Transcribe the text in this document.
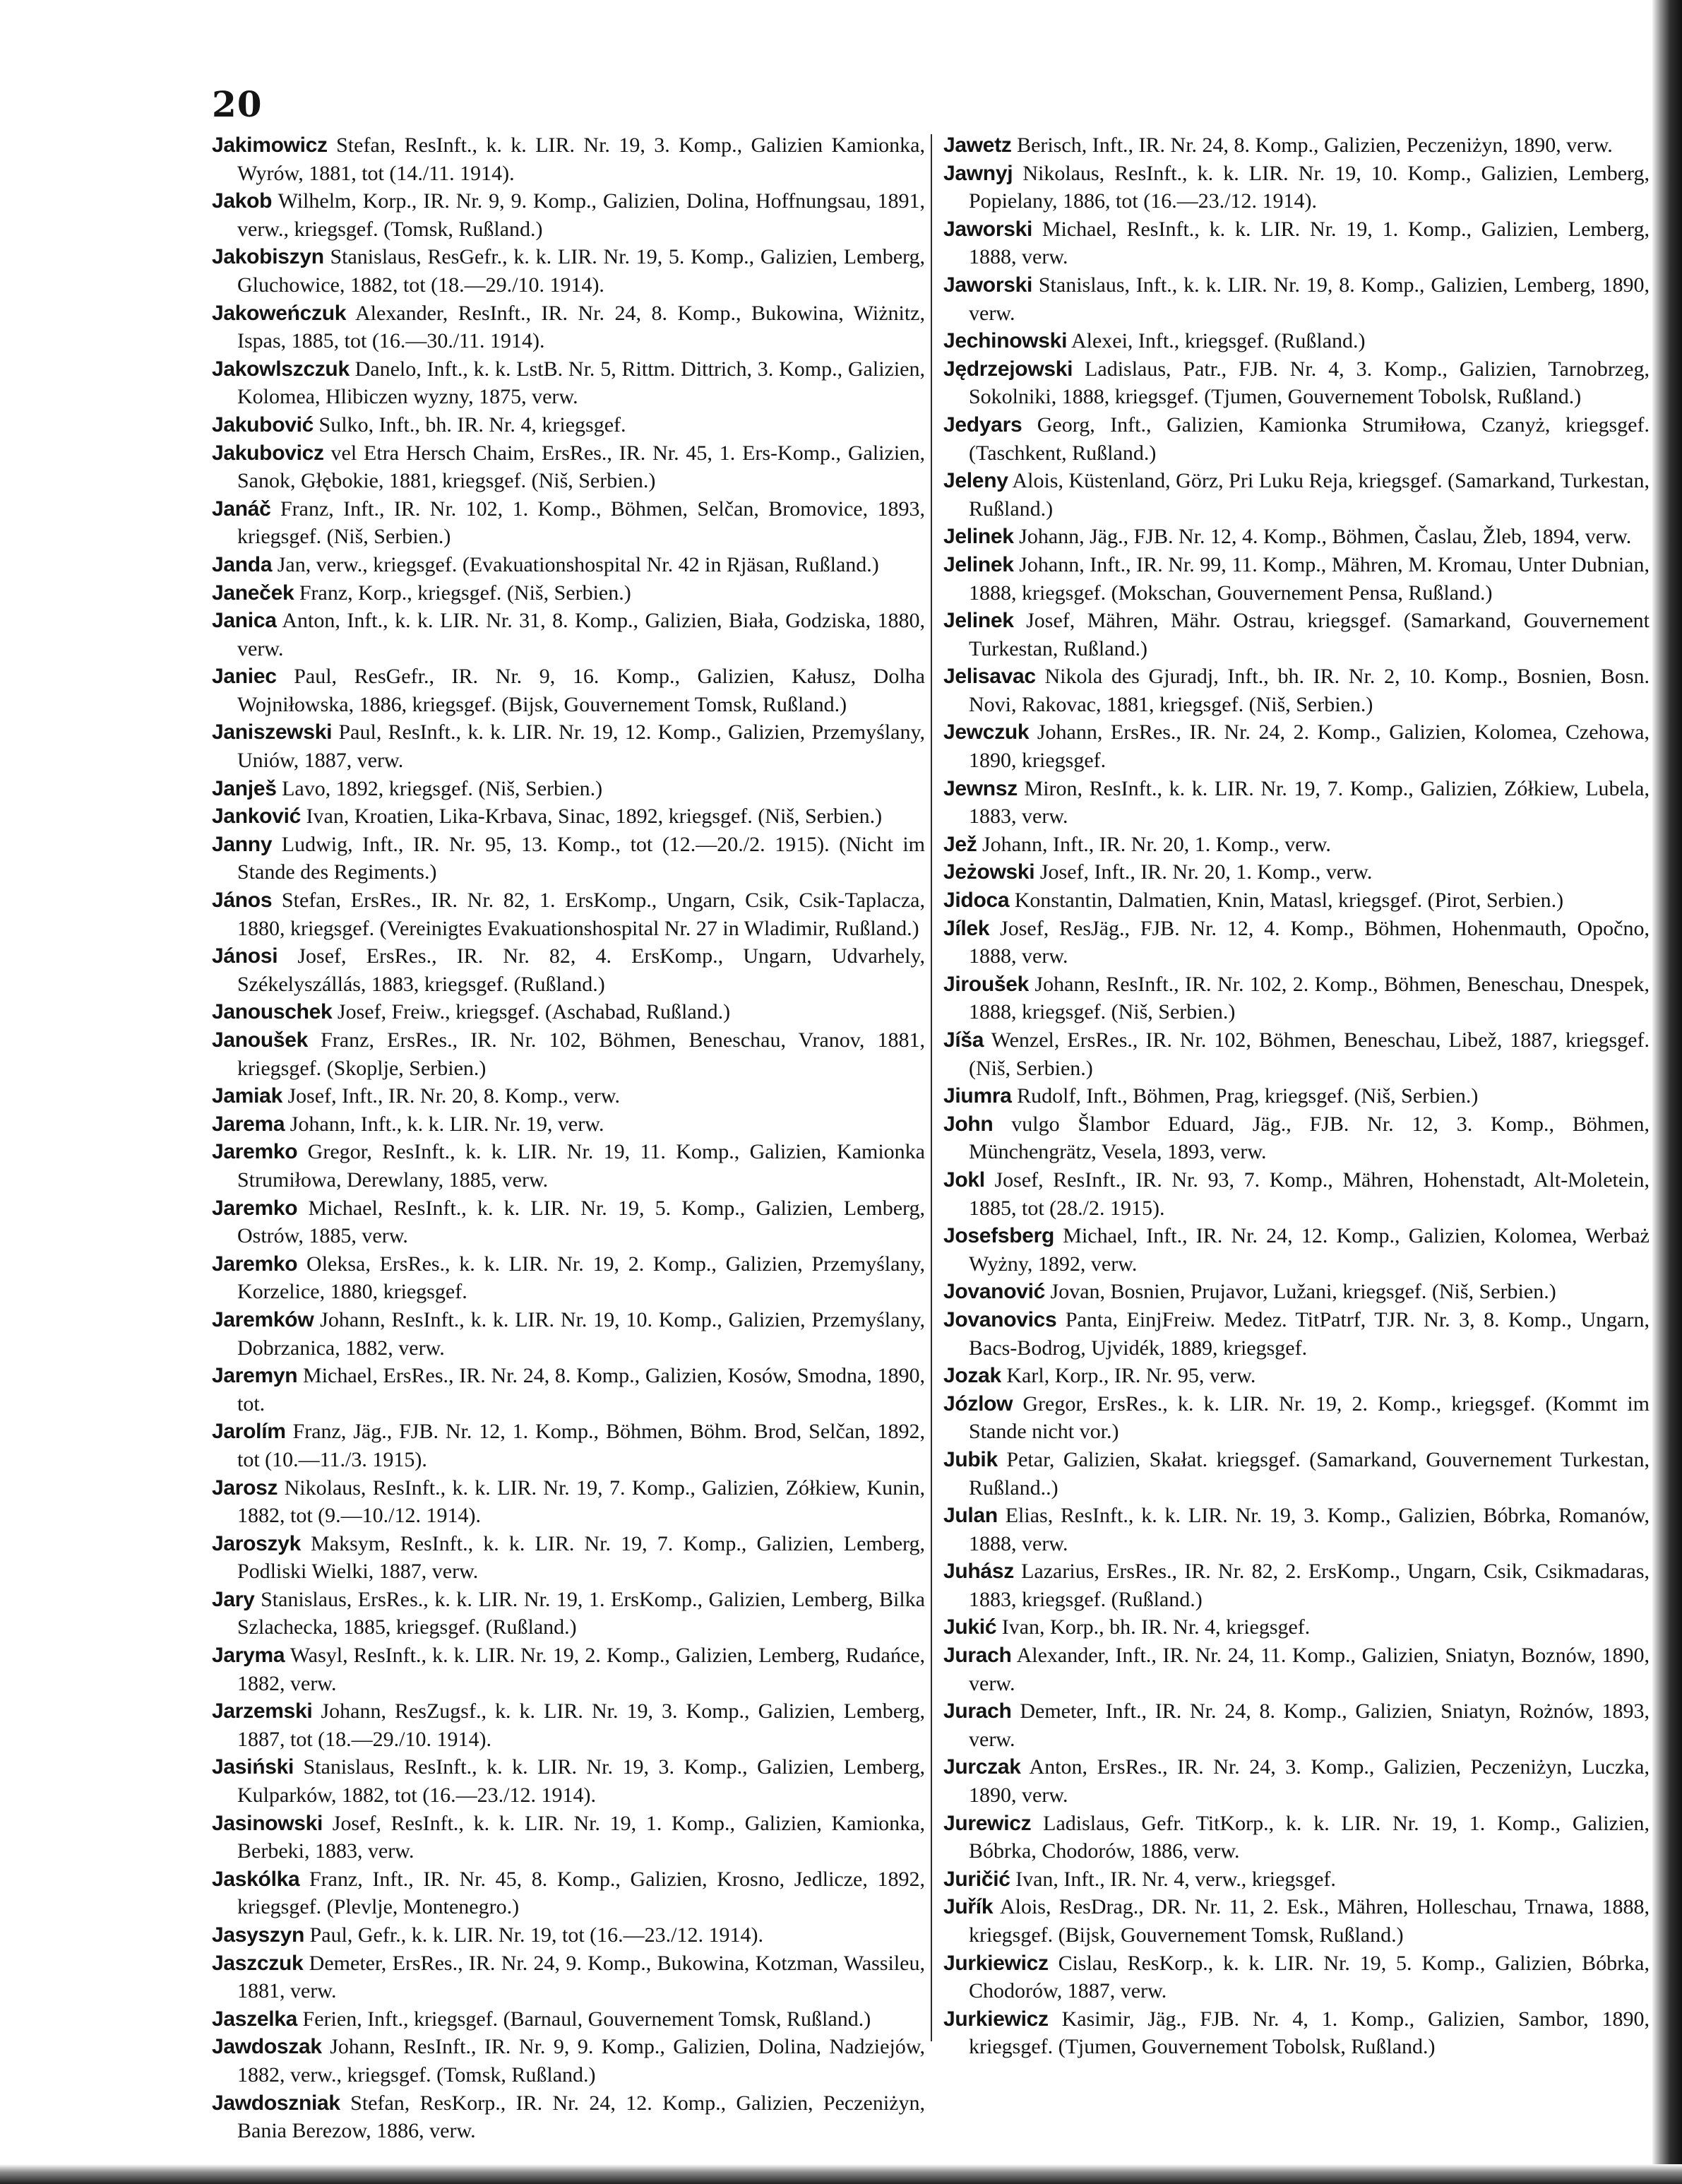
20

Jakimowicz Stefan, ResInft., k. k. LIR. Nr. 19, 3. Komp., Galizien Kamionka, Wyrów, 1881, tot (14./11. 1914).

Jakob Wilhelm, Korp., IR. Nr. 9, 9. Komp., Galizien, Dolina, Hoffnungsau, 1891, verw., kriegsgef. (Tomsk, Rußland.)

Jakobiszyn Stanislaus, ResGefr., k. k. LIR. Nr. 19, 5. Komp., Galizien, Lemberg, Gluchowice, 1882, tot (18.—29./10. 1914).

Jakoweńczuk Alexander, ResInft., IR. Nr. 24, 8. Komp., Bukowina, Wiżnitz, Ispas, 1885, tot (16.—30./11. 1914).

Jakowlszczuk Danelo, Inft., k. k. LstB. Nr. 5, Rittm. Dittrich, 3. Komp., Galizien, Kolomea, Hlibiczen wyzny, 1875, verw.

Jakubović Sulko, Inft., bh. IR. Nr. 4, kriegsgef.

Jakubovicz vel Etra Hersch Chaim, ErsRes., IR. Nr. 45, 1. Ers-Komp., Galizien, Sanok, Głębokie, 1881, kriegsgef. (Niš, Serbien.)

Janáč Franz, Inft., IR. Nr. 102, 1. Komp., Böhmen, Selčan, Bromovice, 1893, kriegsgef. (Niš, Serbien.)

Janda Jan, verw., kriegsgef. (Evakuationshospital Nr. 42 in Rjäsan, Rußland.)

Janeček Franz, Korp., kriegsgef. (Niš, Serbien.)

Janica Anton, Inft., k. k. LIR. Nr. 31, 8. Komp., Galizien, Biała, Godziska, 1880, verw.

Janiec Paul, ResGefr., IR. Nr. 9, 16. Komp., Galizien, Kałusz, Dolha Wojniłowska, 1886, kriegsgef. (Bijsk, Gouvernement Tomsk, Rußland.)

Janiszewski Paul, ResInft., k. k. LIR. Nr. 19, 12. Komp., Galizien, Przemyślany, Uniów, 1887, verw.

Janješ Lavo, 1892, kriegsgef. (Niš, Serbien.)

Janković Ivan, Kroatien, Lika-Krbava, Sinac, 1892, kriegsgef. (Niš, Serbien.)

Janny Ludwig, Inft., IR. Nr. 95, 13. Komp., tot (12.—20./2. 1915). (Nicht im Stande des Regiments.)

János Stefan, ErsRes., IR. Nr. 82, 1. ErsKomp., Ungarn, Csik, Csik-Taplacza, 1880, kriegsgef. (Vereinigtes Evakuationshospital Nr. 27 in Wladimir, Rußland.)

Jánosi Josef, ErsRes., IR. Nr. 82, 4. ErsKomp., Ungarn, Udvarhely, Székelyszállás, 1883, kriegsgef. (Rußland.)

Janouschek Josef, Freiw., kriegsgef. (Aschabad, Rußland.)

Janoušek Franz, ErsRes., IR. Nr. 102, Böhmen, Beneschau, Vranov, 1881, kriegsgef. (Skoplje, Serbien.)

Jamiak Josef, Inft., IR. Nr. 20, 8. Komp., verw.

Jarema Johann, Inft., k. k. LIR. Nr. 19, verw.

Jaremko Gregor, ResInft., k. k. LIR. Nr. 19, 11. Komp., Galizien, Kamionka Strumiłowa, Derewlany, 1885, verw.

Jaremko Michael, ResInft., k. k. LIR. Nr. 19, 5. Komp., Galizien, Lemberg, Ostrów, 1885, verw.

Jaremko Oleksa, ErsRes., k. k. LIR. Nr. 19, 2. Komp., Galizien, Przemyślany, Korzelice, 1880, kriegsgef.

Jaremków Johann, ResInft., k. k. LIR. Nr. 19, 10. Komp., Galizien, Przemyślany, Dobrzanica, 1882, verw.

Jaremyn Michael, ErsRes., IR. Nr. 24, 8. Komp., Galizien, Kosów, Smodna, 1890, tot.

Jarolím Franz, Jäg., FJB. Nr. 12, 1. Komp., Böhmen, Böhm. Brod, Selčan, 1892, tot (10.—11./3. 1915).

Jarosz Nikolaus, ResInft., k. k. LIR. Nr. 19, 7. Komp., Galizien, Zółkiew, Kunin, 1882, tot (9.—10./12. 1914).

Jaroszyk Maksym, ResInft., k. k. LIR. Nr. 19, 7. Komp., Galizien, Lemberg, Podliski Wielki, 1887, verw.

Jary Stanislaus, ErsRes., k. k. LIR. Nr. 19, 1. ErsKomp., Galizien, Lemberg, Bilka Szlachecka, 1885, kriegsgef. (Rußland.)

Jaryma Wasyl, ResInft., k. k. LIR. Nr. 19, 2. Komp., Galizien, Lemberg, Rudańce, 1882, verw.

Jarzemski Johann, ResZugsf., k. k. LIR. Nr. 19, 3. Komp., Galizien, Lemberg, 1887, tot (18.—29./10. 1914).

Jasiński Stanislaus, ResInft., k. k. LIR. Nr. 19, 3. Komp., Galizien, Lemberg, Kulparków, 1882, tot (16.—23./12. 1914).

Jasinowski Josef, ResInft., k. k. LIR. Nr. 19, 1. Komp., Galizien, Kamionka, Berbeki, 1883, verw.

Jaskólka Franz, Inft., IR. Nr. 45, 8. Komp., Galizien, Krosno, Jedlicze, 1892, kriegsgef. (Plevlje, Montenegro.)

Jasyszyn Paul, Gefr., k. k. LIR. Nr. 19, tot (16.—23./12. 1914).

Jaszczuk Demeter, ErsRes., IR. Nr. 24, 9. Komp., Bukowina, Kotzman, Wassileu, 1881, verw.

Jaszelka Ferien, Inft., kriegsgef. (Barnaul, Gouvernement Tomsk, Rußland.)

Jawdoszak Johann, ResInft., IR. Nr. 9, 9. Komp., Galizien, Dolina, Nadziejów, 1882, verw., kriegsgef. (Tomsk, Rußland.)

Jawdoszniak Stefan, ResKorp., IR. Nr. 24, 12. Komp., Galizien, Peczeniżyn, Bania Berezow, 1886, verw.

Jawetz Berisch, Inft., IR. Nr. 24, 8. Komp., Galizien, Peczeniżyn, 1890, verw.

Jawnyj Nikolaus, ResInft., k. k. LIR. Nr. 19, 10. Komp., Galizien, Lemberg, Popielany, 1886, tot (16.—23./12. 1914).

Jaworski Michael, ResInft., k. k. LIR. Nr. 19, 1. Komp., Galizien, Lemberg, 1888, verw.

Jaworski Stanislaus, Inft., k. k. LIR. Nr. 19, 8. Komp., Galizien, Lemberg, 1890, verw.

Jechinowski Alexei, Inft., kriegsgef. (Rußland.)

Jędrzejowski Ladislaus, Patr., FJB. Nr. 4, 3. Komp., Galizien, Tarnobrzeg, Sokolniki, 1888, kriegsgef. (Tjumen, Gouvernement Tobolsk, Rußland.)

Jedyars Georg, Inft., Galizien, Kamionka Strumiłowa, Czanyż, kriegsgef. (Taschkent, Rußland.)

Jeleny Alois, Küstenland, Görz, Pri Luku Reja, kriegsgef. (Samarkand, Turkestan, Rußland.)

Jelinek Johann, Jäg., FJB. Nr. 12, 4. Komp., Böhmen, Časlau, Žleb, 1894, verw.

Jelinek Johann, Inft., IR. Nr. 99, 11. Komp., Mähren, M. Kromau, Unter Dubnian, 1888, kriegsgef. (Mokschan, Gouvernement Pensa, Rußland.)

Jelinek Josef, Mähren, Mähr. Ostrau, kriegsgef. (Samarkand, Gouvernement Turkestan, Rußland.)

Jelisavac Nikola des Gjuradj, Inft., bh. IR. Nr. 2, 10. Komp., Bosnien, Bosn. Novi, Rakovac, 1881, kriegsgef. (Niš, Serbien.)

Jewczuk Johann, ErsRes., IR. Nr. 24, 2. Komp., Galizien, Kolomea, Czehowa, 1890, kriegsgef.

Jewnsz Miron, ResInft., k. k. LIR. Nr. 19, 7. Komp., Galizien, Zółkiew, Lubela, 1883, verw.

Jež Johann, Inft., IR. Nr. 20, 1. Komp., verw.

Jeżowski Josef, Inft., IR. Nr. 20, 1. Komp., verw.

Jidoca Konstantin, Dalmatien, Knin, Matasl, kriegsgef. (Pirot, Serbien.)

Jílek Josef, ResJäg., FJB. Nr. 12, 4. Komp., Böhmen, Hohenmauth, Opočno, 1888, verw.

Jiroušek Johann, ResInft., IR. Nr. 102, 2. Komp., Böhmen, Beneschau, Dnespek, 1888, kriegsgef. (Niš, Serbien.)

Jíša Wenzel, ErsRes., IR. Nr. 102, Böhmen, Beneschau, Libež, 1887, kriegsgef. (Niš, Serbien.)

Jiumra Rudolf, Inft., Böhmen, Prag, kriegsgef. (Niš, Serbien.)

John vulgo Šlambor Eduard, Jäg., FJB. Nr. 12, 3. Komp., Böhmen, Münchengrätz, Vesela, 1893, verw.

Jokl Josef, ResInft., IR. Nr. 93, 7. Komp., Mähren, Hohenstadt, Alt-Moletein, 1885, tot (28./2. 1915).

Josefsberg Michael, Inft., IR. Nr. 24, 12. Komp., Galizien, Kolomea, Werbaż Wyżny, 1892, verw.

Jovanović Jovan, Bosnien, Prujavor, Lužani, kriegsgef. (Niš, Serbien.)

Jovanovics Panta, EinjFreiw. Medez. TitPatrf, TJR. Nr. 3, 8. Komp., Ungarn, Bacs-Bodrog, Ujvidék, 1889, kriegsgef.

Jozak Karl, Korp., IR. Nr. 95, verw.

Józlow Gregor, ErsRes., k. k. LIR. Nr. 19, 2. Komp., kriegsgef. (Kommt im Stande nicht vor.)

Jubik Petar, Galizien, Skałat. kriegsgef. (Samarkand, Gouvernement Turkestan, Rußland..)

Julan Elias, ResInft., k. k. LIR. Nr. 19, 3. Komp., Galizien, Bóbrka, Romanów, 1888, verw.

Juhász Lazarius, ErsRes., IR. Nr. 82, 2. ErsKomp., Ungarn, Csik, Csikmadaras, 1883, kriegsgef. (Rußland.)

Jukić Ivan, Korp., bh. IR. Nr. 4, kriegsgef.

Jurach Alexander, Inft., IR. Nr. 24, 11. Komp., Galizien, Sniatyn, Boznów, 1890, verw.

Jurach Demeter, Inft., IR. Nr. 24, 8. Komp., Galizien, Sniatyn, Rożnów, 1893, verw.

Jurczak Anton, ErsRes., IR. Nr. 24, 3. Komp., Galizien, Peczeniżyn, Luczka, 1890, verw.

Jurewicz Ladislaus, Gefr. TitKorp., k. k. LIR. Nr. 19, 1. Komp., Galizien, Bóbrka, Chodorów, 1886, verw.

Juričić Ivan, Inft., IR. Nr. 4, verw., kriegsgef.

Juřík Alois, ResDrag., DR. Nr. 11, 2. Esk., Mähren, Holleschau, Trnawa, 1888, kriegsgef. (Bijsk, Gouvernement Tomsk, Rußland.)

Jurkiewicz Cislau, ResKorp., k. k. LIR. Nr. 19, 5. Komp., Galizien, Bóbrka, Chodorów, 1887, verw.

Jurkiewicz Kasimir, Jäg., FJB. Nr. 4, 1. Komp., Galizien, Sambor, 1890, kriegsgef. (Tjumen, Gouvernement Tobolsk, Rußland.)
